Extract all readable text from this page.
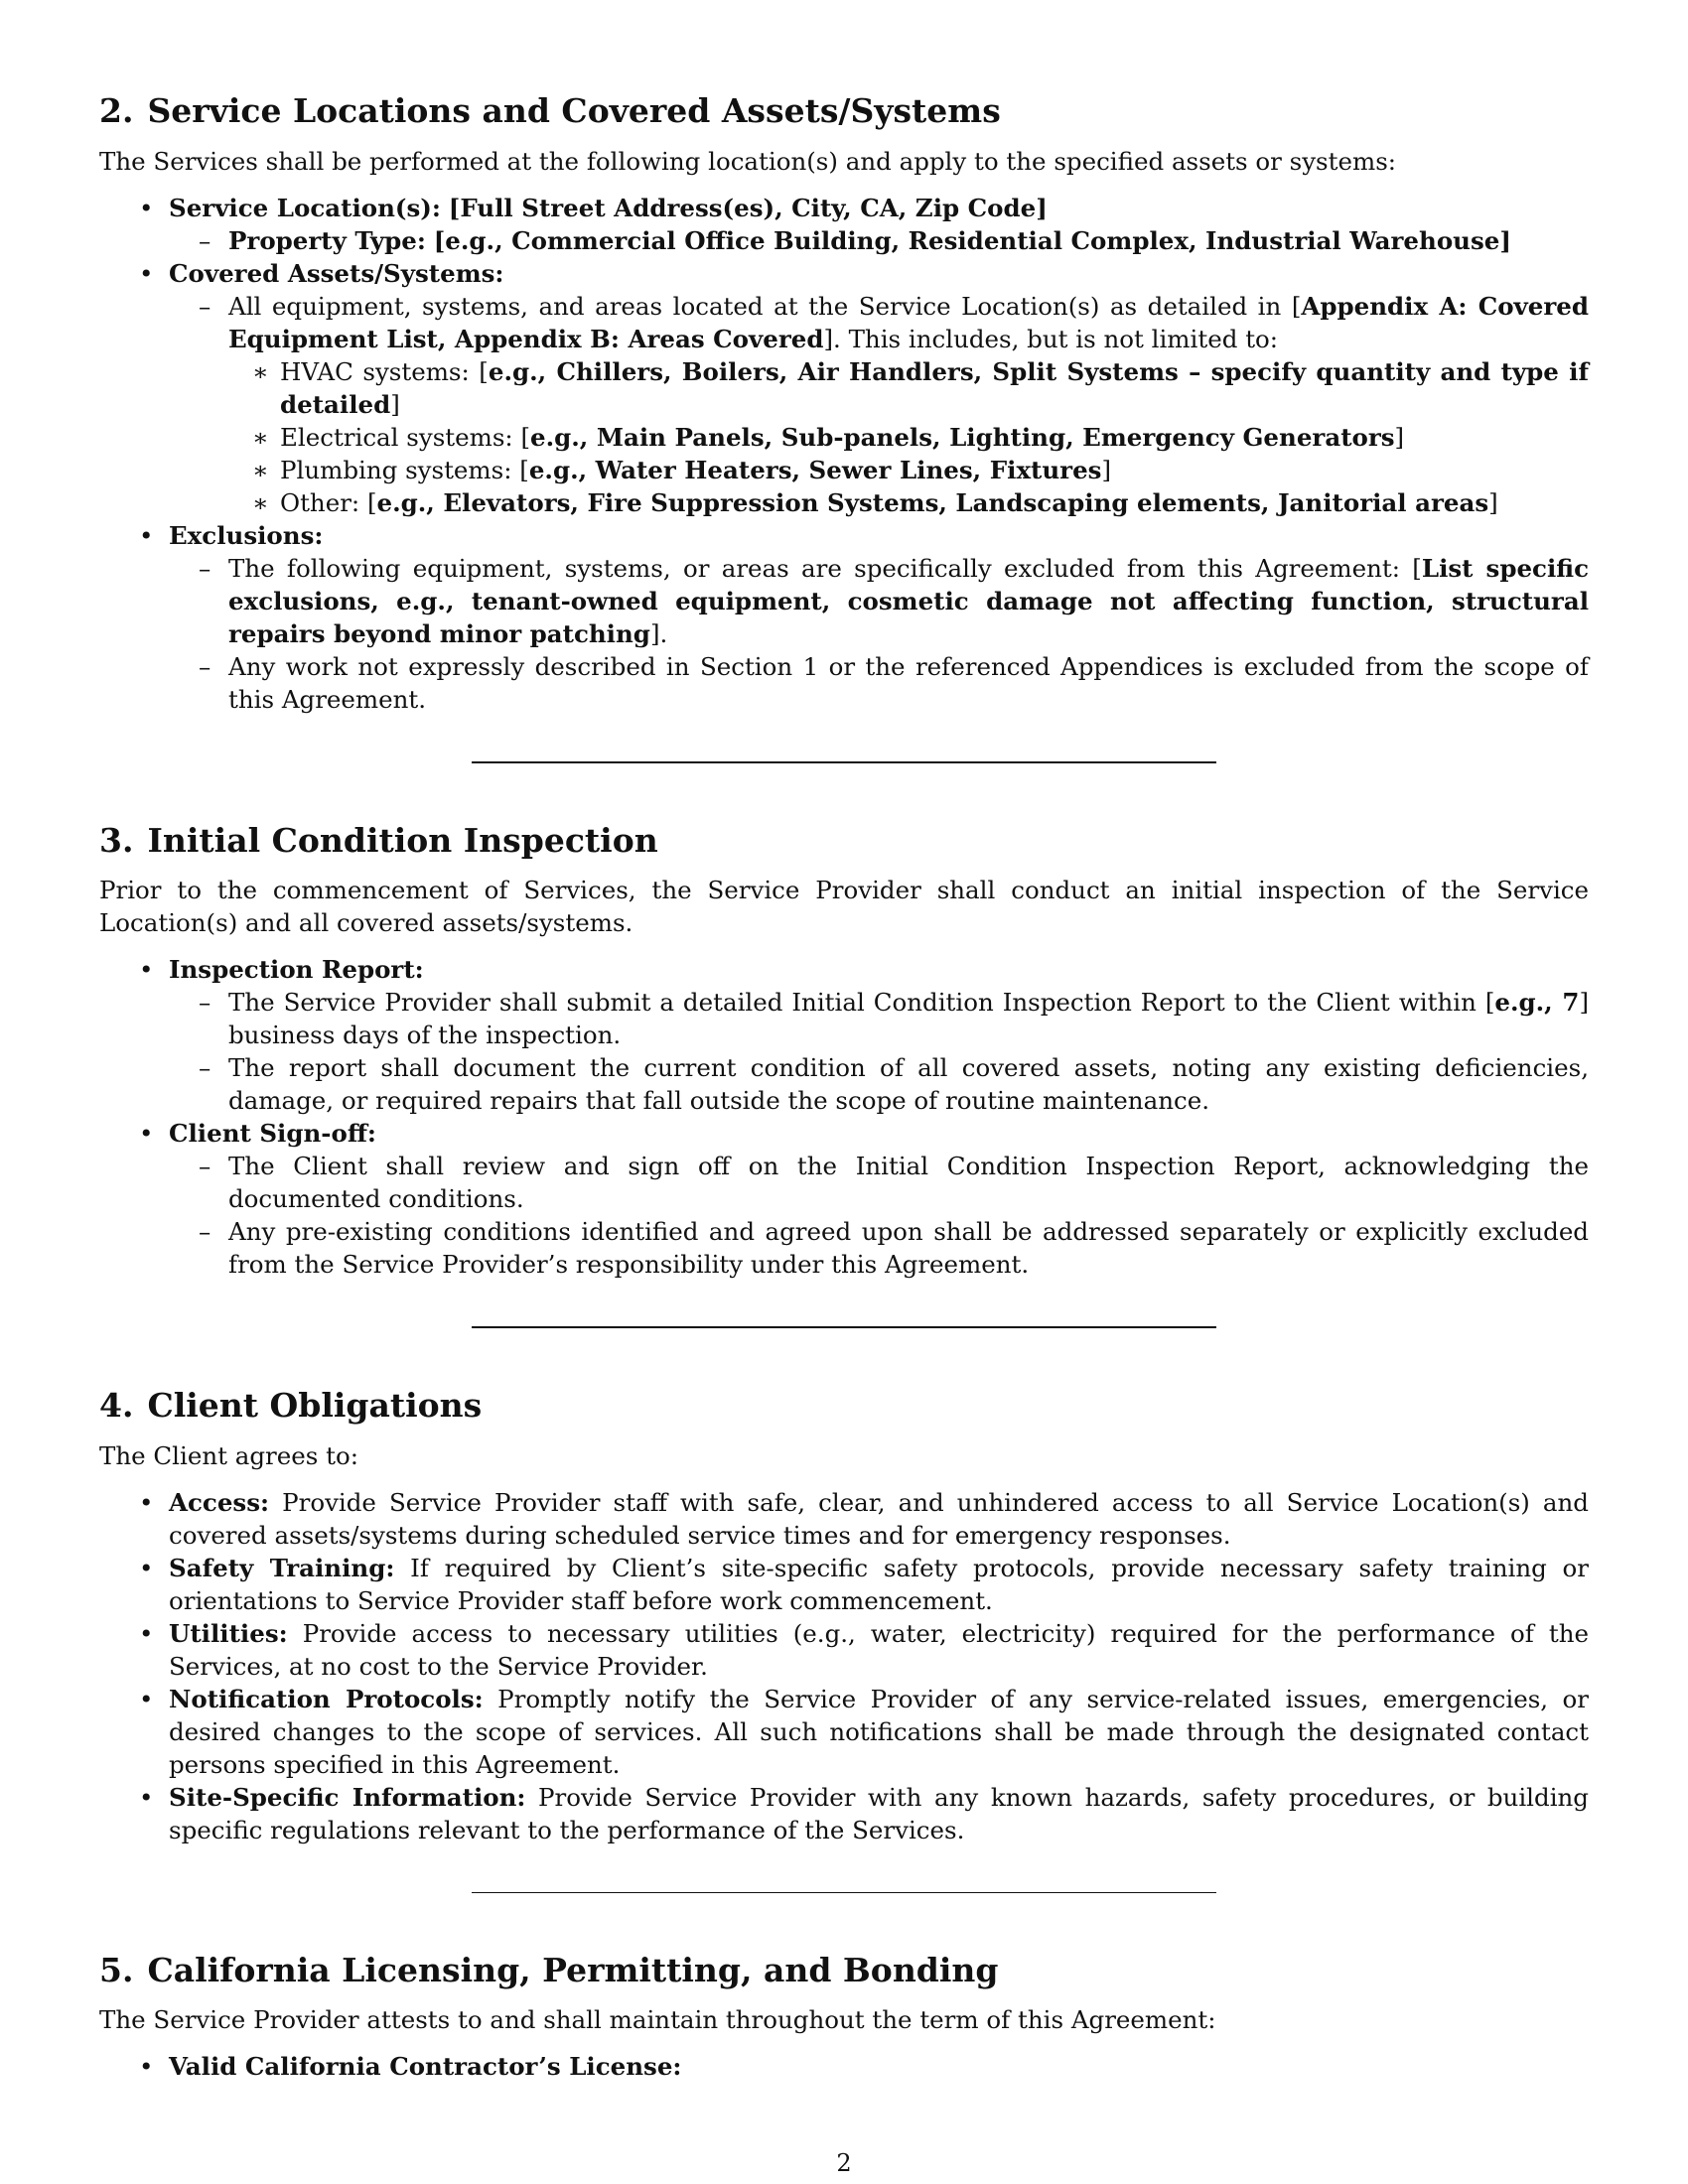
2. Service Locations and Covered Assets/Systems

The Services shall be performed at the following location(s) and apply to the specified assets or systems:

• Service Location(s): [Full Street Address(es), City, CA, Zip Code]
– Property Type: [e.g., Commercial Office Building, Residential Complex, Industrial Warehouse]
• Covered Assets/Systems:
– All equipment, systems, and areas located at the Service Location(s) as detailed in [Appendix A: Covered Equipment List, Appendix B: Areas Covered]. This includes, but is not limited to:
∗ HVAC systems: [e.g., Chillers, Boilers, Air Handlers, Split Systems – specify quantity and type if detailed]
∗ Electrical systems: [e.g., Main Panels, Sub-panels, Lighting, Emergency Generators]
∗ Plumbing systems: [e.g., Water Heaters, Sewer Lines, Fixtures]
∗ Other: [e.g., Elevators, Fire Suppression Systems, Landscaping elements, Janitorial areas]
• Exclusions:
– The following equipment, systems, or areas are specifically excluded from this Agreement: [List specific exclusions, e.g., tenant-owned equipment, cosmetic damage not affecting function, structural repairs beyond minor patching].
– Any work not expressly described in Section 1 or the referenced Appendices is excluded from the scope of this Agreement.
3. Initial Condition Inspection

Prior to the commencement of Services, the Service Provider shall conduct an initial inspection of the Service Location(s) and all covered assets/systems.

• Inspection Report:
– The Service Provider shall submit a detailed Initial Condition Inspection Report to the Client within [e.g., 7] business days of the inspection.
– The report shall document the current condition of all covered assets, noting any existing deficiencies, damage, or required repairs that fall outside the scope of routine maintenance.
• Client Sign-off:
– The Client shall review and sign off on the Initial Condition Inspection Report, acknowledging the documented conditions.
– Any pre-existing conditions identified and agreed upon shall be addressed separately or explicitly excluded from the Service Provider’s responsibility under this Agreement.
4. Client Obligations

The Client agrees to:

• Access: Provide Service Provider staff with safe, clear, and unhindered access to all Service Location(s) and covered assets/systems during scheduled service times and for emergency responses.
• Safety Training: If required by Client’s site-specific safety protocols, provide necessary safety training or orientations to Service Provider staff before work commencement.
• Utilities: Provide access to necessary utilities (e.g., water, electricity) required for the performance of the Services, at no cost to the Service Provider.
• Notification Protocols: Promptly notify the Service Provider of any service-related issues, emergencies, or desired changes to the scope of services. All such notifications shall be made through the designated contact persons specified in this Agreement.
• Site-Specific Information: Provide Service Provider with any known hazards, safety procedures, or building specific regulations relevant to the performance of the Services.
5. California Licensing, Permitting, and Bonding

The Service Provider attests to and shall maintain throughout the term of this Agreement:

• Valid California Contractor’s License:
2
